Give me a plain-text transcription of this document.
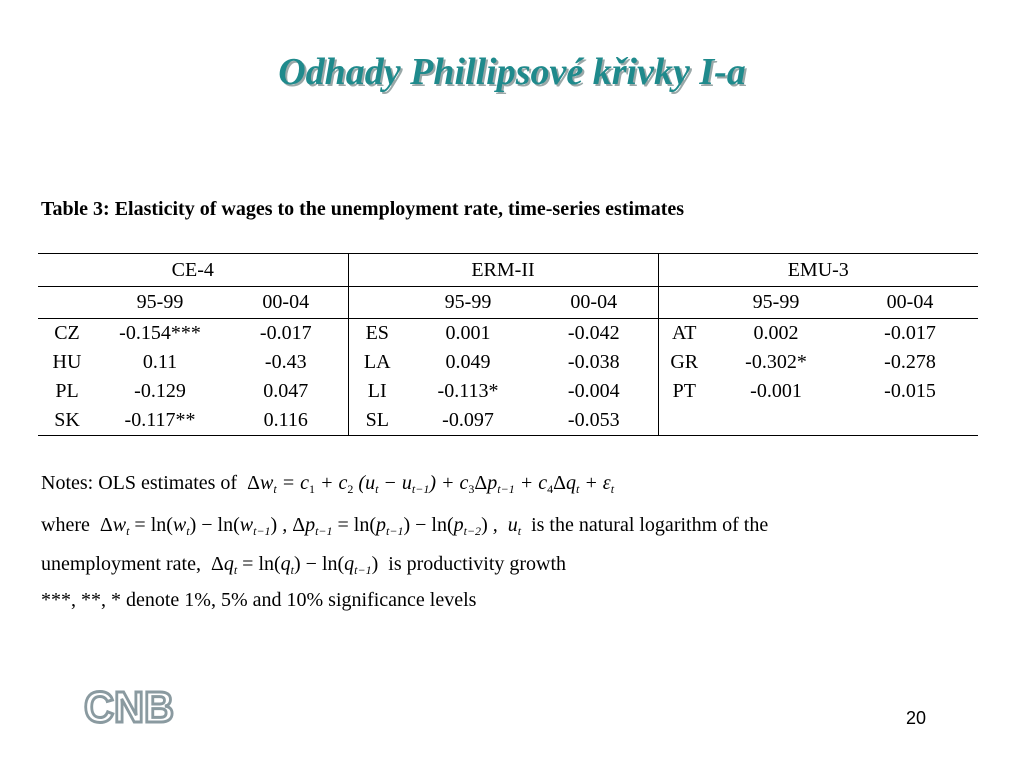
Odhady Phillipsové křivky I-a
Table 3: Elasticity of wages to the unemployment rate, time-series estimates
CE-4			ERM-II			EMU-3		
	95-99	00-04		95-99	00-04		95-99	00-04
CZ	-0.154***	-0.017	ES	0.001	-0.042	AT	0.002	-0.017
HU	0.11	-0.43	LA	0.049	-0.038	GR	-0.302*	-0.278
PL	-0.129	0.047	LI	-0.113*	-0.004	PT	-0.001	-0.015
SK	-0.117**	0.116	SL	-0.097	-0.053			
Notes: OLS estimates of $\Delta w_t = c_1 + c_2$ $(u_t - u_{t-1}) + c_3\Delta p_{t-1} + c_4\Delta q_t + \varepsilon_t$
where $\Delta w_t = \ln(w_t) - \ln(w_{t-1})$ , $\Delta p_{t-1} = \ln(p_{t-1}) - \ln(p_{t-2})$ ,  $u_t$ is the natural logarithm of the
unemployment rate, $\Delta q_t = \ln(q_t) - \ln(q_{t-1})$ is productivity growth
***, **, * denote 1%, 5% and 10% significance levels
CNB	20
